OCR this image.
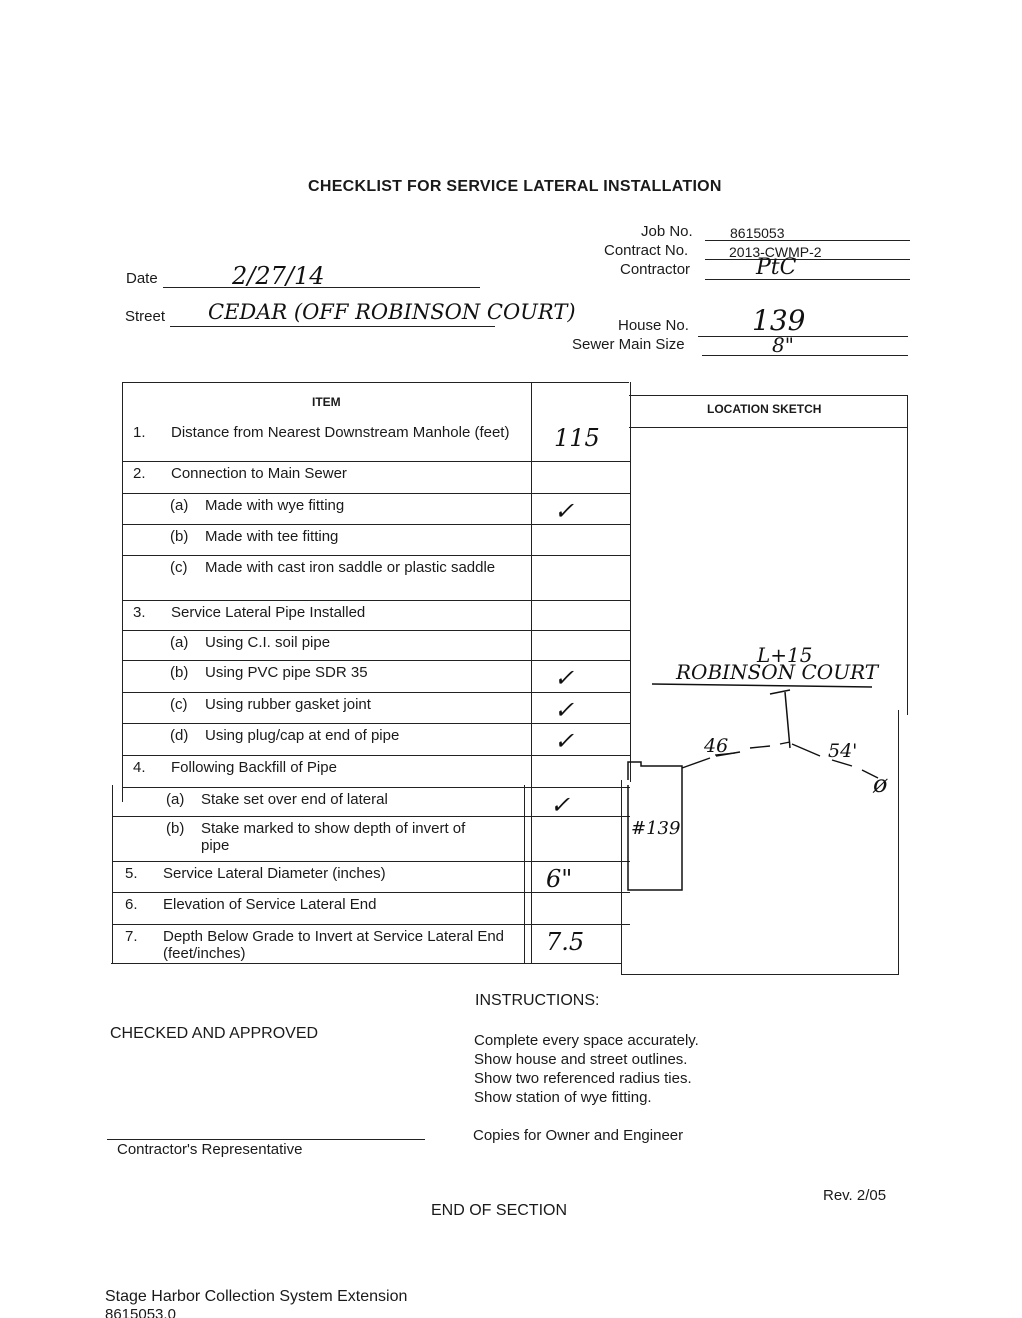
CHECKLIST FOR SERVICE LATERAL INSTALLATION
Job No.	8615053
Contract No.	2013-CWMP-2
Contractor	PtC
Date	2/27/14
Street CEDAR (OFF ROBINSON COURT)
House No. 139
Sewer Main Size	8"
ITEM	LOCATION SKETCH
1. Distance from Nearest Downstream Manhole (feet) 115
2. Connection to Main Sewer
(a) Made with wye fitting	✓
(b) Made with tee fitting
(c) Made with cast iron saddle or plastic saddle
3. Service Lateral Pipe Installed
(a) Using C.I. soil pipe
(b) Using PVC pipe SDR 35	✓
(c) Using rubber gasket joint	✓
(d) Using plug/cap at end of pipe	✓
4. Following Backfill of Pipe
(a) Stake set over end of lateral	✓
(b) Stake marked to show depth of invert of pipe
5. Service Lateral Diameter (inches)	6"
6. Elevation of Service Lateral End
7. Depth Below Grade to Invert at Service Lateral End (feet/inches)	7.5
L+15
ROBINSON COURT
46	54'
ø
#139
INSTRUCTIONS:
Complete every space accurately.
Show house and street outlines.
Show two referenced radius ties.
Show station of wye fitting.
Copies for Owner and Engineer
CHECKED AND APPROVED
Contractor's Representative
Rev. 2/05
END OF SECTION
Stage Harbor Collection System Extension
8615053.0
